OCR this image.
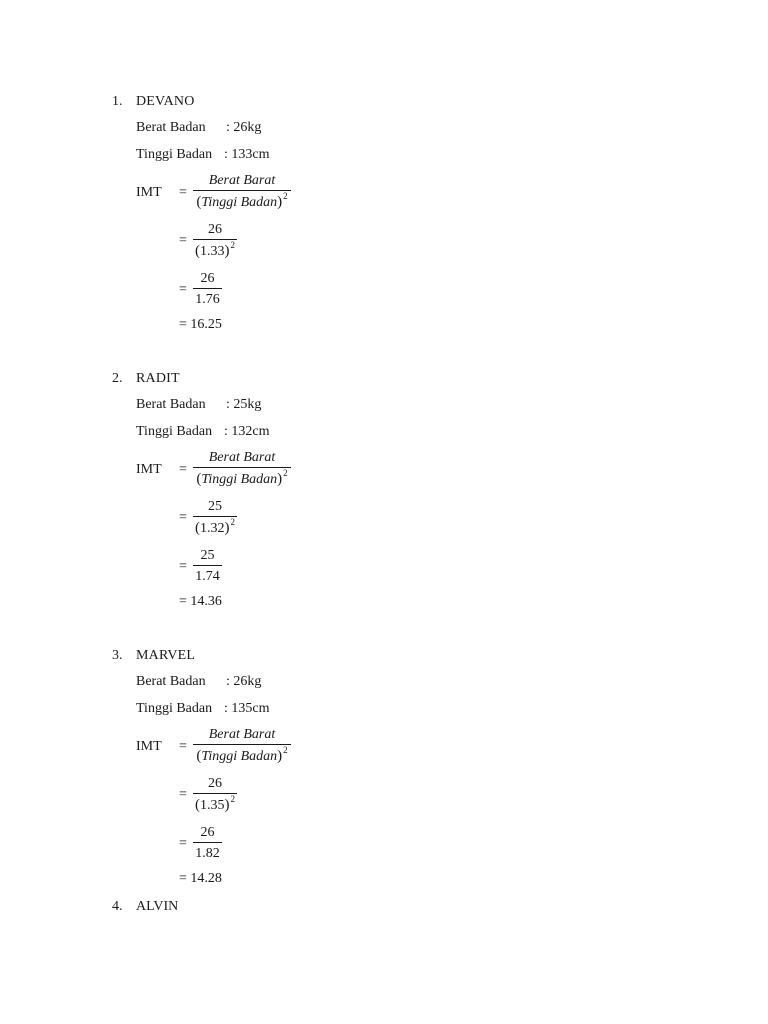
1. DEVANO
Berat Badan : 26kg
Tinggi Badan : 133cm
IMT =
Berat Barat
(Tinggi Badan)$^2$
=
26
$(1.33)^2$
=
26
1.76
= 16.25
2. RADIT
Berat Badan : 25kg
Tinggi Badan : 132cm
IMT =
Berat Barat
(Tinggi Badan)$^2$
=
25
$(1.32)^2$
=
25
1.74
= 14.36
3. MARVEL
Berat Badan : 26kg
Tinggi Badan : 135cm
IMT =
Berat Barat
(Tinggi Badan)$^2$
=
26
$(1.35)^2$
=
26
1.82
= 14.28
4. ALVIN
